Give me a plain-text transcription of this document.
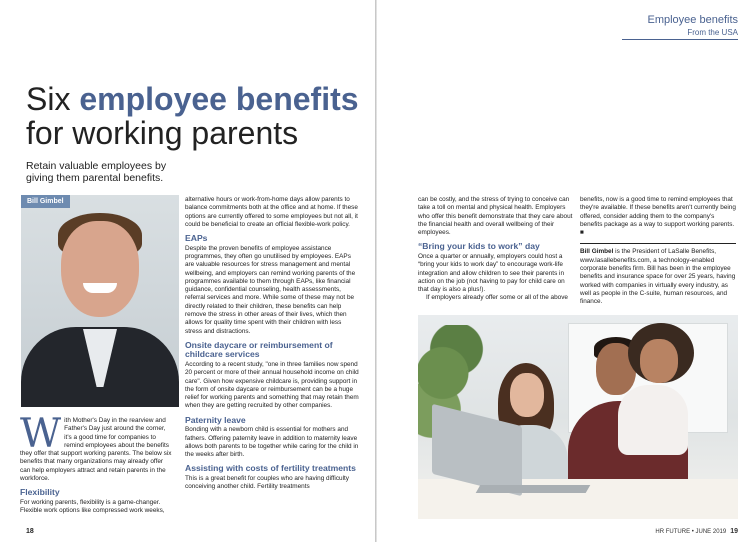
Six employee benefits
for working parents
Retain valuable employees by giving them parental benefits.
Bill Gimbel
W ith Mother's Day in the rearview and Father's Day just around the corner, it's a good time for companies to remind employees about the benefits they offer that support working parents. The below six benefits that many organizations may already offer can help employers attract and retain parents in the workforce.

Flexibility

For working parents, flexibility is a game-changer. Flexible work options like compressed work weeks,

alternative hours or work-from-home days allow parents to balance commitments both at the office and at home. If these options are currently offered to some employees but not all, it could be beneficial to create an official flexible-work policy.

EAPs

Despite the proven benefits of employee assistance programmes, they often go unutilised by employees. EAPs are valuable resources for stress management and mental wellbeing, and employers can remind working parents of the programmes available to them through EAPs, like financial guidance, confidential counseling, health assessments, referral services and more. While some of these may not be directly related to their children, these benefits can help remove the stress in other areas of their lives, which then allows for quality time spent with their children with less stress and distractions.

Onsite daycare or reimbursement of childcare services

According to a recent study, "one in three families now spend 20 percent or more of their annual household income on child care". Given how expensive childcare is, providing support in the form of onsite daycare or reimbursement can be a huge relief for working parents and something that may retain them when they are getting recruited by other companies.

Paternity leave

Bonding with a newborn child is essential for mothers and fathers. Offering paternity leave in addition to maternity leave allows both parents to be together while caring for the child in the weeks after birth.

Assisting with costs of fertility treatments

This is a great benefit for couples who are having difficulty conceiving another child. Fertility treatments

18
Employee benefits
From the USA

can be costly, and the stress of trying to conceive can take a toll on mental and physical health. Employers who offer this benefit demonstrate that they care about the financial health and overall wellbeing of their employees.

“Bring your kids to work” day

Once a quarter or annually, employers could host a “bring your kids to work day” to encourage work-life integration and allow children to see their parents in action on the job (not having to pay for child care on that day is also a plus!).

If employers already offer some or all of the above

benefits, now is a good time to remind employees that they're available. If these benefits aren't currently being offered, consider adding them to the company's benefits package as a way to support working parents. ■

Bill Gimbel is the President of LaSalle Benefits, www.lasallebenefits.com, a technology-enabled corporate benefits firm. Bill has been in the employee benefits and insurance space for over 25 years, having worked with companies in virtually every industry, as well as people in the C-suite, human resources, and finance.

HR FUTURE • JUNE 2019 19
